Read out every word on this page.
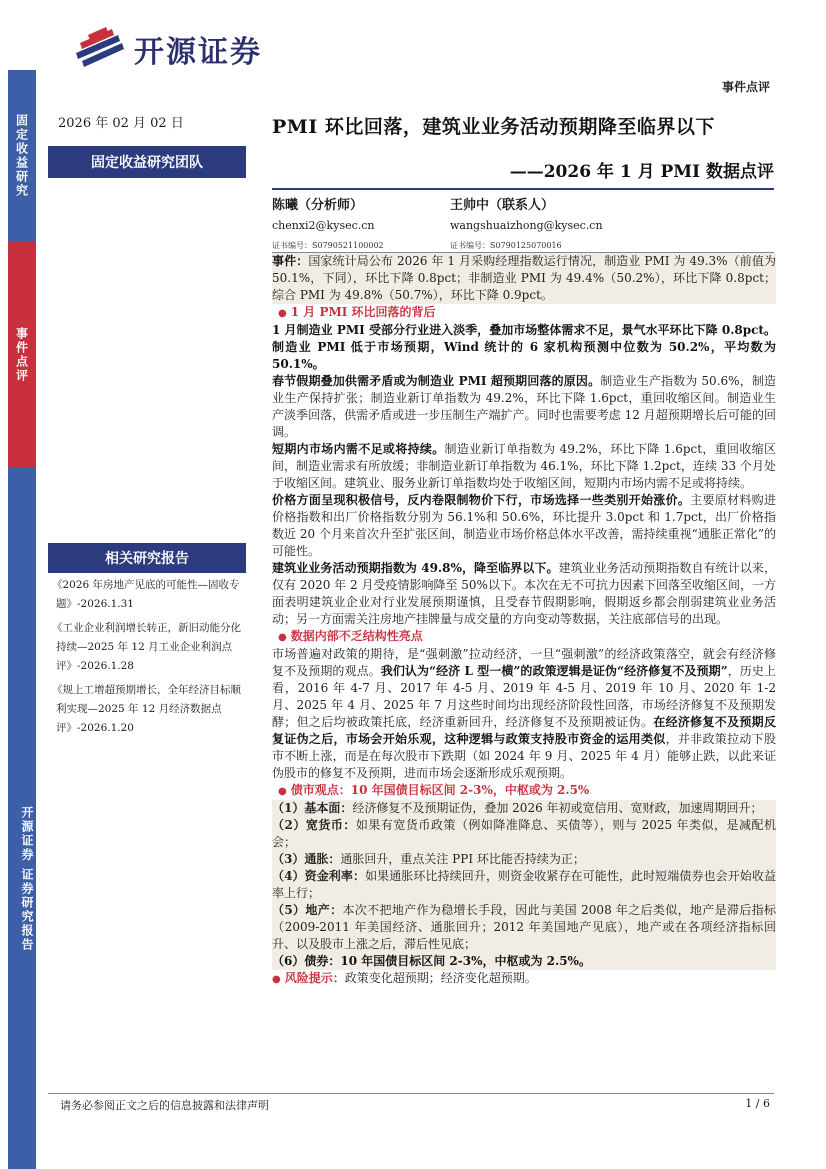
开源证券
事件点评
固定收益研究
事件点评
开源证券 证券研究报告
2026 年 02 月 02 日
固定收益研究团队
相关研究报告
《2026 年房地产见底的可能性—固收专题》-2026.1.31
《工业企业利润增长转正，新旧动能分化持续—2025 年 12 月工业企业利润点评》-2026.1.28
《规上工增超预期增长，全年经济目标顺利实现—2025 年 12 月经济数据点评》-2026.1.20
PMI 环比回落，建筑业业务活动预期降至临界以下
——2026 年 1 月 PMI 数据点评
陈曦（分析师）
chenxi2@kysec.cn
证书编号：S0790521100002
王帅中（联系人）
wangshuaizhong@kysec.cn
证书编号：S0790125070016

事件：国家统计局公布 2026 年 1 月采购经理指数运行情况，制造业 PMI 为 49.3%（前值为 50.1%，下同），环比下降 0.8pct；非制造业 PMI 为 49.4%（50.2%），环比下降 0.8pct；综合 PMI 为 49.8%（50.7%），环比下降 0.9pct。

● 1 月 PMI 环比回落的背后

1 月制造业 PMI 受部分行业进入淡季，叠加市场整体需求不足，景气水平环比下降 0.8pct。制造业 PMI 低于市场预期，Wind 统计的 6 家机构预测中位数为 50.2%，平均数为 50.1%。

春节假期叠加供需矛盾或为制造业 PMI 超预期回落的原因。制造业生产指数为 50.6%，制造业生产保持扩张；制造业新订单指数为 49.2%，环比下降 1.6pct，重回收缩区间。制造业生产淡季回落，供需矛盾或进一步压制生产端扩产。同时也需要考虑 12 月超预期增长后可能的回调。

短期内市场内需不足或将持续。制造业新订单指数为 49.2%，环比下降 1.6pct，重回收缩区间，制造业需求有所放缓；非制造业新订单指数为 46.1%，环比下降 1.2pct，连续 33 个月处于收缩区间。建筑业、服务业新订单指数均处于收缩区间，短期内市场内需不足或将持续。

价格方面呈现积极信号，反内卷限制物价下行，市场选择一些类别开始涨价。主要原材料购进价格指数和出厂价格指数分别为 56.1%和 50.6%，环比提升 3.0pct 和 1.7pct，出厂价格指数近 20 个月来首次升至扩张区间，制造业市场价格总体水平改善，需持续重视“通胀正常化”的可能性。

建筑业业务活动预期指数为 49.8%，降至临界以下。建筑业业务活动预期指数自有统计以来，仅有 2020 年 2 月受疫情影响降至 50%以下。本次在无不可抗力因素下回落至收缩区间，一方面表明建筑业企业对行业发展预期谨慎，且受春节假期影响，假期返乡都会削弱建筑业业务活动；另一方面需关注房地产挂牌量与成交量的方向变动等数据，关注底部信号的出现。

● 数据内部不乏结构性亮点

市场普遍对政策的期待，是“强刺激”拉动经济，一旦“强刺激”的经济政策落空，就会有经济修复不及预期的观点。我们认为“经济 L 型一横”的政策逻辑是证伪“经济修复不及预期”，历史上看，2016 年 4-7 月、2017 年 4-5 月、2019 年 4-5 月、2019 年 10 月、2020 年 1-2 月、2025 年 4 月、2025 年 7 月这些时间均出现经济阶段性回落，市场经济修复不及预期发酵；但之后均被政策托底，经济重新回升，经济修复不及预期被证伪。在经济修复不及预期反复证伪之后，市场会开始乐观，这种逻辑与政策支持股市资金的运用类似，并非政策拉动下股市不断上涨，而是在每次股市下跌期（如 2024 年 9 月、2025 年 4 月）能够止跌，以此来证伪股市的修复不及预期，进而市场会逐渐形成乐观预期。

● 债市观点：10 年国债目标区间 2-3%，中枢或为 2.5%

（1）基本面：经济修复不及预期证伪，叠加 2026 年初或宽信用、宽财政，加速周期回升；

（2）宽货币：如果有宽货币政策（例如降准降息、买债等），则与 2025 年类似，是减配机会；

（3）通胀：通胀回升，重点关注 PPI 环比能否持续为正；

（4）资金利率：如果通胀环比持续回升，则资金收紧存在可能性，此时短端债券也会开始收益率上行；

（5）地产：本次不把地产作为稳增长手段，因此与美国 2008 年之后类似，地产是滞后指标（2009-2011 年美国经济、通胀回升；2012 年美国地产见底），地产或在各项经济指标回升、以及股市上涨之后，滞后性见底；

（6）债券：10 年国债目标区间 2-3%，中枢或为 2.5%。

● 风险提示：政策变化超预期；经济变化超预期。

请务必参阅正文之后的信息披露和法律声明	1 / 6
